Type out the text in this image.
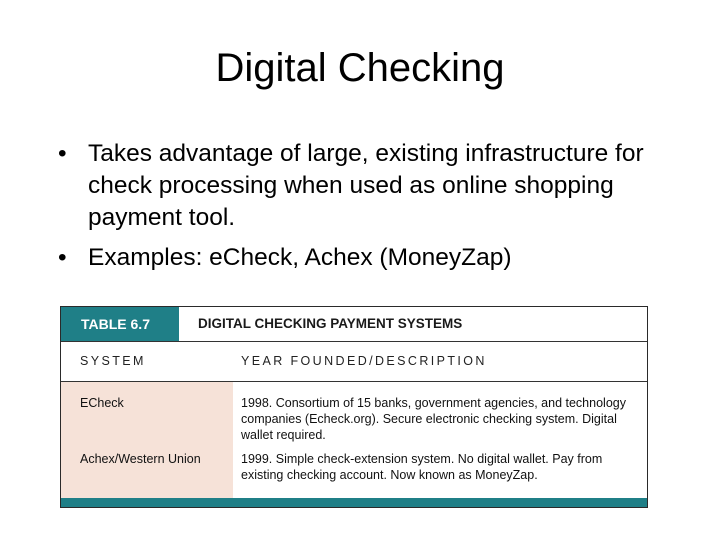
Digital Checking
• Takes advantage of large, existing infrastructure for check processing when used as online shopping payment tool.
• Examples: eCheck, Achex (MoneyZap)
TABLE 6.7	DIGITAL CHECKING PAYMENT SYSTEMS
SYSTEM	YEAR FOUNDED/DESCRIPTION
ECheck	1998. Consortium of 15 banks, government agencies, and technology companies (Echeck.org). Secure electronic checking system. Digital wallet required.
Achex/Western Union	1999. Simple check-extension system. No digital wallet. Pay from existing checking account. Now known as MoneyZap.
